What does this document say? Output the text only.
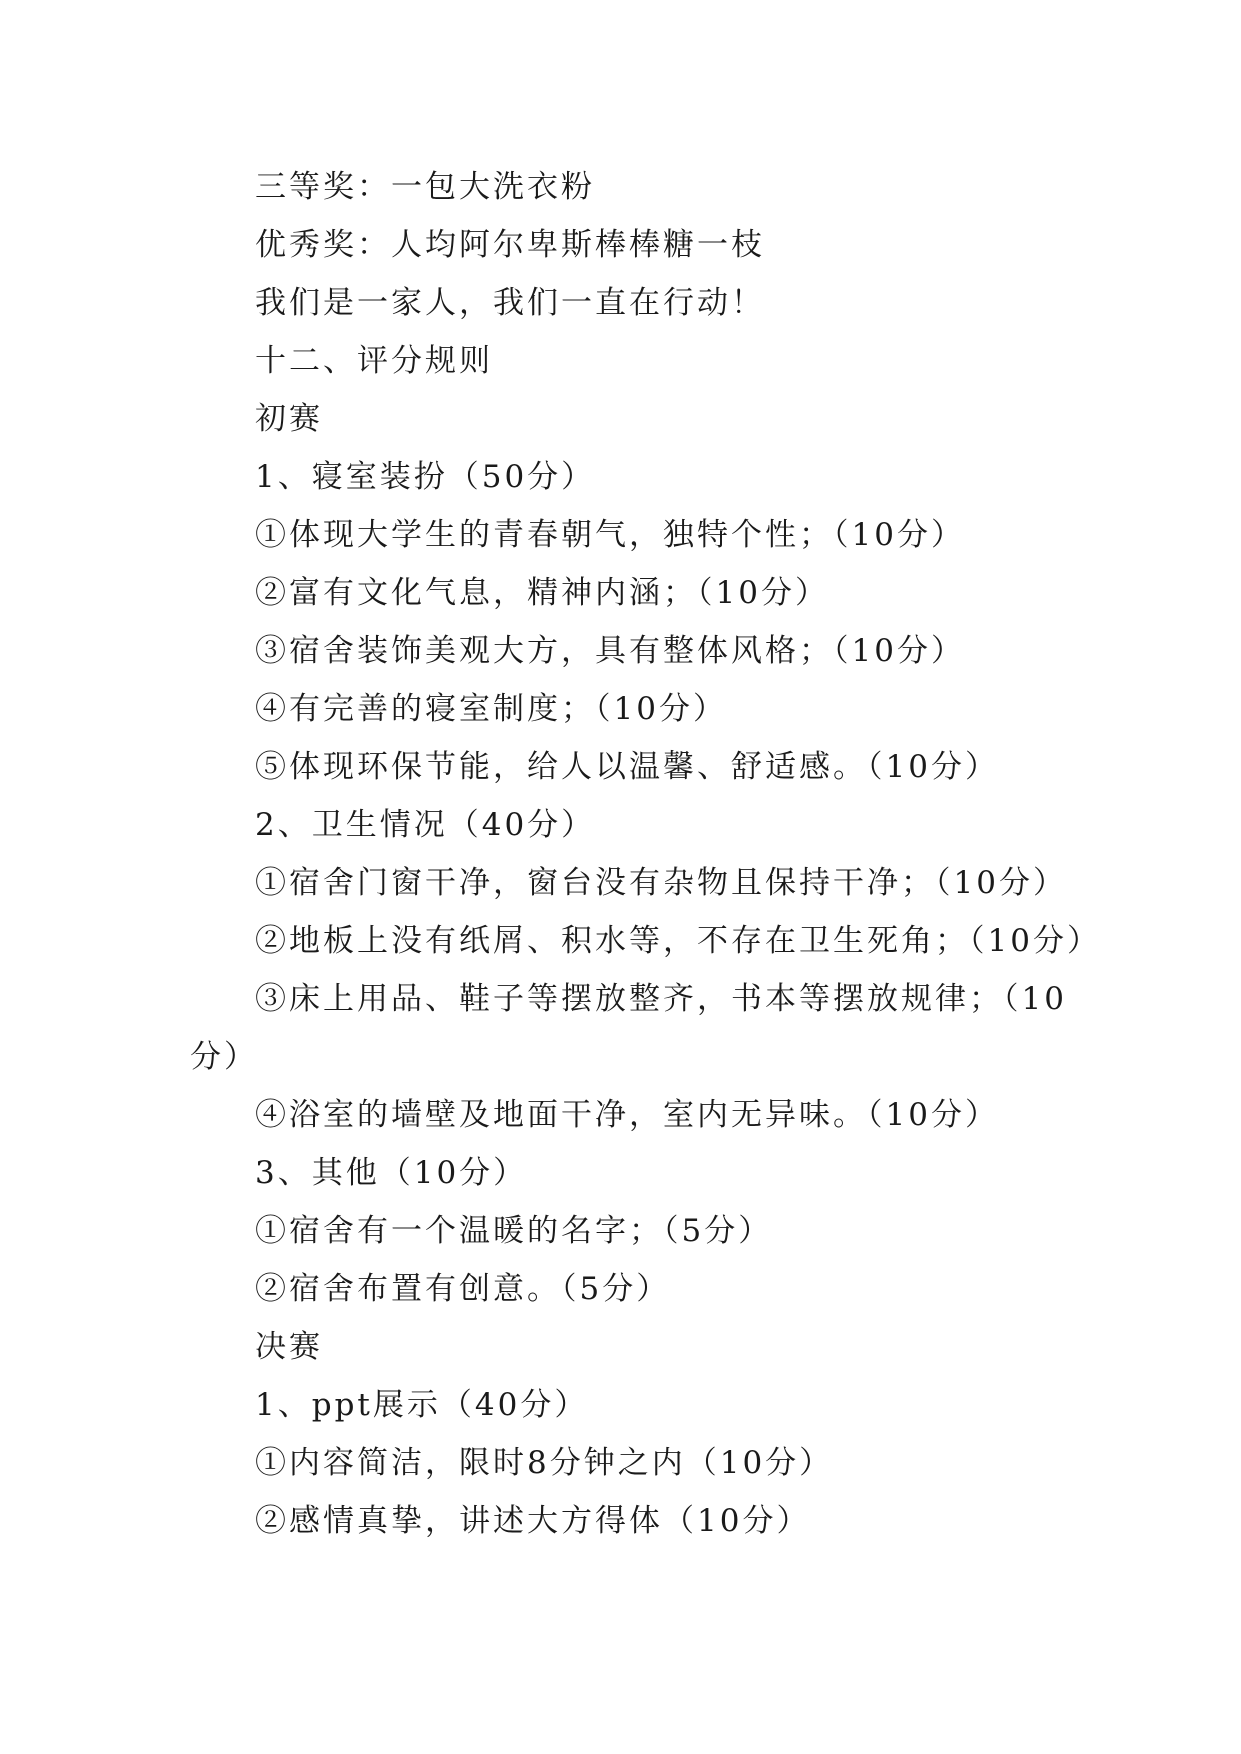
三等奖：一包大洗衣粉
优秀奖：人均阿尔卑斯棒棒糖一枝
我们是一家人，我们一直在行动！
十二、评分规则
初赛
1、寝室装扮（50分）
①体现大学生的青春朝气，独特个性；（10分）
②富有文化气息，精神内涵；（10分）
③宿舍装饰美观大方，具有整体风格；（10分）
④有完善的寝室制度；（10分）
⑤体现环保节能，给人以温馨、舒适感。（10分）
2、卫生情况（40分）
①宿舍门窗干净，窗台没有杂物且保持干净；（10分）
②地板上没有纸屑、积水等，不存在卫生死角；（10分）
③床上用品、鞋子等摆放整齐，书本等摆放规律；（10
分）
④浴室的墙壁及地面干净，室内无异味。（10分）
3、其他（10分）
①宿舍有一个温暖的名字；（5分）
②宿舍布置有创意。（5分）
决赛
1、ppt展示（40分）
①内容简洁，限时8分钟之内（10分）
②感情真挚，讲述大方得体（10分）
